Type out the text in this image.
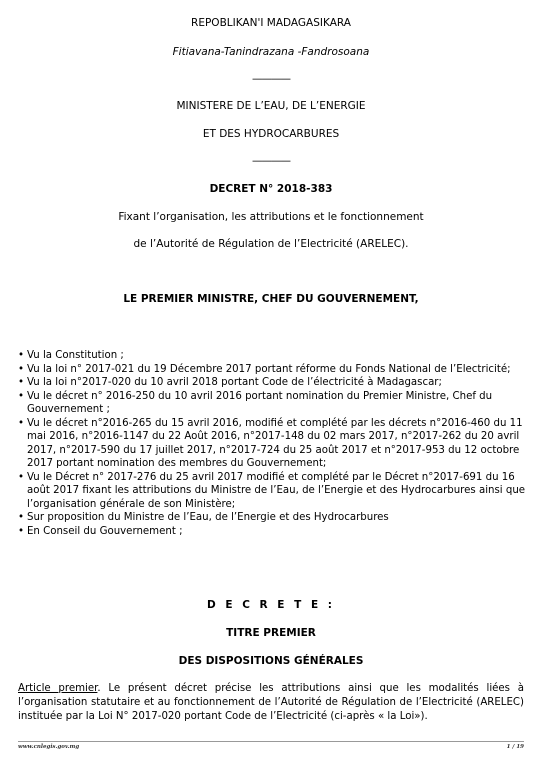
REPOBLIKAN'I MADAGASIKARA
Fitiavana-Tanindrazana -Fandrosoana
————
MINISTERE DE L’EAU, DE L’ENERGIE
ET DES HYDROCARBURES
————
DECRET N° 2018-383
Fixant l’organisation, les attributions et le fonctionnement
de l’Autorité de Régulation de l’Electricité (ARELEC).
LE PREMIER MINISTRE, CHEF DU GOUVERNEMENT,
• Vu la Constitution ;
• Vu la loi n° 2017-021 du 19 Décembre 2017 portant réforme du Fonds National de l’Electricité;
• Vu la loi n°2017-020 du 10 avril 2018 portant Code de l’électricité à Madagascar;
• Vu le décret n° 2016-250 du 10 avril 2016 portant nomination du Premier Ministre, Chef du Gouvernement ;
• Vu le décret n°2016-265 du 15 avril 2016, modifié et complété par les décrets n°2016-460 du 11 mai 2016, n°2016-1147 du 22 Août 2016, n°2017-148 du 02 mars 2017, n°2017-262 du 20 avril 2017, n°2017-590 du 17 juillet 2017, n°2017-724 du 25 août 2017 et n°2017-953 du 12 octobre 2017 portant nomination des membres du Gouvernement;
• Vu le Décret n° 2017-276 du 25 avril 2017 modifié et complété par le Décret n°2017-691 du 16 août 2017 fixant les attributions du Ministre de l’Eau, de l’Energie et des Hydrocarbures ainsi que l’organisation générale de son Ministère;
• Sur proposition du Ministre de l’Eau, de l’Energie et des Hydrocarbures
• En Conseil du Gouvernement ;
D E C R E T E :
TITRE PREMIER
DES DISPOSITIONS GÉNÉRALES
Article premier. Le présent décret précise les attributions ainsi que les modalités liées à l’organisation statutaire et au fonctionnement de l’Autorité de Régulation de l’Electricité (ARELEC) instituée par la Loi N° 2017-020 portant Code de l’Electricité (ci-après « la Loi»).
www.cnlegis.gov.mg	1 / 19
